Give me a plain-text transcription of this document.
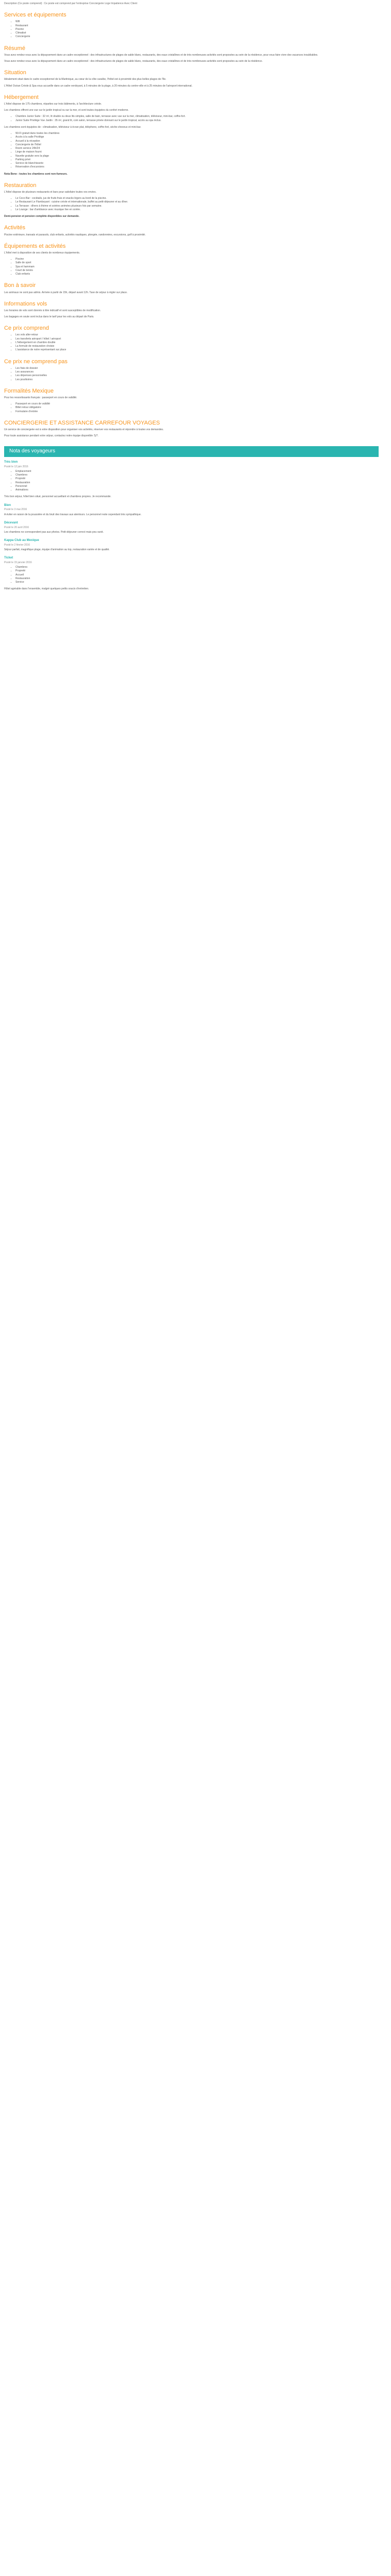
Description (Ce poste comprend) : Ce poste est comprend par l'entreprise Conciergerie Loge Impatience Avec Client

Services et équipements
• Wifi
• Restaurant
• Piscine
• Climatisé
• Conciergerie
Résumé

Vous avez rendez-vous avec la dépaysement dans un cadre exceptionnel : des infrastructures de plages de sable blanc, restaurants, des eaux cristallines et de très nombreuses activités sont proposées au sein de la résidence, pour vous faire vivre des vacances inoubliables.

Vous avez rendez-vous avec la dépaysement dans un cadre exceptionnel : des infrastructures de plages de sable blanc, restaurants, des eaux cristallines et de très nombreuses activités sont proposées au sein de la résidence.

Situation

Idéalement situé dans le cadre exceptionnel de la Martinique, au cœur de la côte caraïbe, l'hôtel est à proximité des plus belles plages de l'île.

L'Hôtel Océan Créole & Spa vous accueille dans un cadre verdoyant, à 5 minutes de la plage, à 20 minutes du centre-ville et à 25 minutes de l'aéroport international.

Hébergement

L'hôtel dispose de 175 chambres, réparties sur trois bâtiments, à l'architecture créole.

Les chambres offrent une vue sur le jardin tropical ou sur la mer, et sont toutes équipées du confort moderne.

• Chambre Junior Suite : 32 m², lit double ou deux lits simples, salle de bain, terrasse avec vue sur la mer, climatisation, téléviseur, mini-bar, coffre-fort.
• Junior Suite Privilège Vue Jardin : 35 m², grand lit, coin salon, terrasse privée donnant sur le jardin tropical, accès au spa inclus.

Les chambres sont équipées de : climatisation, téléviseur à écran plat, téléphone, coffre-fort, sèche-cheveux et mini-bar.

• Wi-Fi gratuit dans toutes les chambres
• Accès à la salle Privilège
• Accueil à la réception
• Conciergerie de l'hôtel
• Room service 24h/24
• Linge de maison fourni
• Navette gratuite vers la plage
• Parking privé
• Service de blanchisserie
• Réservation d'excursions

Nota Bene : toutes les chambres sont non-fumeurs.

Restauration

L'hôtel dispose de plusieurs restaurants et bars pour satisfaire toutes vos envies.

• Le Coco Bar : cocktails, jus de fruits frais et snacks légers au bord de la piscine.
• Le Restaurant Le Flamboyant : cuisine créole et internationale, buffet au petit-déjeuner et au dîner.
• La Terrasse : dîners à thème et soirées animées plusieurs fois par semaine.
• Le Lounge : bar d'ambiance avec musique live en soirée.

Demi-pension et pension complète disponibles sur demande.

Activités

Piscine extérieure, transats et parasols, club enfants, activités nautiques, plongée, randonnées, excursions, golf à proximité.

Équipements et activités

L'hôtel met à disposition de ses clients de nombreux équipements.

• Piscine
• Salle de sport
• Spa et hammam
• Court de tennis
• Club enfants
Bon à savoir

Les animaux ne sont pas admis. Arrivée à partir de 15h, départ avant 12h. Taxe de séjour à régler sur place.

Informations vols

Les horaires de vols sont donnés à titre indicatif et sont susceptibles de modification.

Les bagages en soute sont inclus dans le tarif pour les vols au départ de Paris.

Ce prix comprend
• Les vols aller-retour
• Les transferts aéroport / hôtel / aéroport
• L'hébergement en chambre double
• La formule de restauration choisie
• L'assistance de notre représentant sur place
Ce prix ne comprend pas
• Les frais de dossier
• Les assurances
• Les dépenses personnelles
• Les pourboires
Formalités Mexique

Pour les ressortissants français : passeport en cours de validité.

• Passeport en cours de validité
• Billet retour obligatoire
• Formulaire d'entrée
CONCIERGERIE ET ASSISTANCE CARREFOUR VOYAGES

Un service de conciergerie est à votre disposition pour organiser vos activités, réserver vos restaurants et répondre à toutes vos demandes.

Pour toute assistance pendant votre séjour, contactez notre équipe disponible 7j/7.

Nota des voyageurs
Très bien
Posté le 12 juin 2016
• Emplacement
• Chambres
• Propreté
• Restauration
• Personnel
• Animations

Très bon séjour, hôtel bien situé, personnel accueillant et chambres propres. Je recommande.

Bien
Posté le 3 mai 2016

A éviter en raison de la poussière et du bruit des travaux aux alentours. Le personnel reste cependant très sympathique.

Décevant
Posté le 20 avril 2016

Les chambres ne correspondent pas aux photos. Petit-déjeuner correct mais peu varié.

Kappa Club au Mexique
Posté le 2 février 2016

Séjour parfait, magnifique plage, équipe d'animation au top, restauration variée et de qualité.

Ticket
Posté le 15 janvier 2016
• Chambres
• Propreté
• Accueil
• Restauration
• Service

Hôtel agréable dans l'ensemble, malgré quelques petits soucis d'entretien.
